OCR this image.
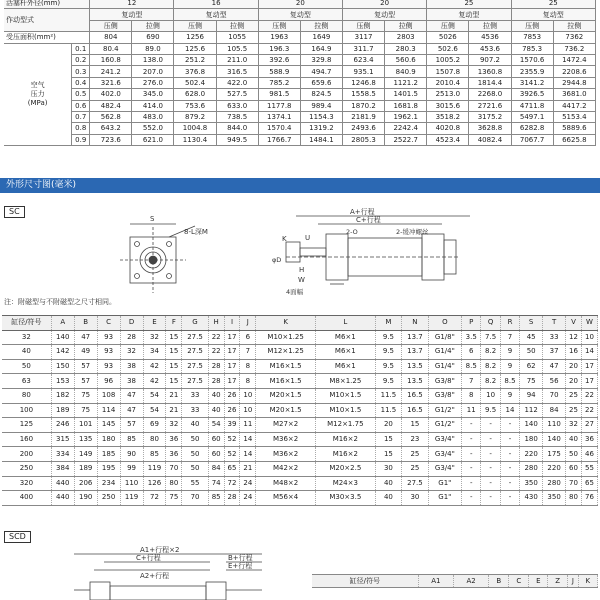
活塞杆外径(mm)		12		16		20		20		25		25	
作动型式		复动型		复动型		复动型		复动型		复动型		复动型	
		压侧	拉侧	压侧	拉侧	压侧	拉侧	压侧	拉侧	压侧	拉侧	压侧	拉侧
受压面积(mm²)		804	690	1256	1055	1963	1649	3117	2803	5026	4536	7853	7362

空气
压力
(MPa)	0.1	80.4	89.0	125.6	105.5	196.3	164.9	311.7	280.3	502.6	453.6	785.3	736.2
	0.2	160.8	138.0	251.2	211.0	392.6	329.8	623.4	560.6	1005.2	907.2	1570.6	1472.4
	0.3	241.2	207.0	376.8	316.5	588.9	494.7	935.1	840.9	1507.8	1360.8	2355.9	2208.6
	0.4	321.6	276.0	502.4	422.0	785.2	659.6	1246.8	1121.2	2010.4	1814.4	3141.2	2944.8
	0.5	402.0	345.0	628.0	527.5	981.5	824.5	1558.5	1401.5	2513.0	2268.0	3926.5	3681.0
	0.6	482.4	414.0	753.6	633.0	1177.8	989.4	1870.2	1681.8	3015.6	2721.6	4711.8	4417.2
	0.7	562.8	483.0	879.2	738.5	1374.1	1154.3	2181.9	1962.1	3518.2	3175.2	5497.1	5153.4
	0.8	643.2	552.0	1004.8	844.0	1570.4	1319.2	2493.6	2242.4	4020.8	3628.8	6282.8	5889.6
	0.9	723.6	621.0	1130.4	949.5	1766.7	1484.1	2805.3	2522.7	4523.4	4082.4	7067.7	6625.8
外形尺寸图(毫米)
SC
S
8-L深M
A+行程
C+行程
2-缓冲螺丝
K	U
2-O
H
W
4面幅
φD
注：附磁型与不附磁型之尺寸相同。
缸径/符号	A	B	C	D	E	F	G	H	I	J	K	L	M	N	O	P	Q	R	S	T	V	W
32	140	47	93	28	32	15	27.5	22	17	6	M10×1.25	M6×1	9.5	13.7	G1/8"	3.5	7.5	7	45	33	12	10
40	142	49	93	32	34	15	27.5	22	17	7	M12×1.25	M6×1	9.5	13.7	G1/4"	6	8.2	9	50	37	16	14
50	150	57	93	38	42	15	27.5	28	17	8	M16×1.5	M6×1	9.5	13.5	G1/4"	8.5	8.2	9	62	47	20	17
63	153	57	96	38	42	15	27.5	28	17	8	M16×1.5	M8×1.25	9.5	13.5	G3/8"	7	8.2	8.5	75	56	20	17
80	182	75	108	47	54	21	33	40	26	10	M20×1.5	M10×1.5	11.5	16.5	G3/8"	8	10	9	94	70	25	22
100	189	75	114	47	54	21	33	40	26	10	M20×1.5	M10×1.5	11.5	16.5	G1/2"	11	9.5	14	112	84	25	22
125	246	101	145	57	69	32	40	54	39	11	M27×2	M12×1.75	20	15	G1/2"	-	-	-	140	110	32	27
160	315	135	180	85	80	36	50	60	52	14	M36×2	M16×2	15	23	G3/4"	-	-	-	180	140	40	36
200	334	149	185	90	85	36	50	60	52	14	M36×2	M16×2	15	25	G3/4"	-	-	-	220	175	50	46
250	384	189	195	99	119	70	50	84	65	21	M42×2	M20×2.5	30	25	G3/4"	-	-	-	280	220	60	55
320	440	206	234	110	126	80	55	74	72	24	M48×2	M24×3	40	27.5	G1"	-	-	-	350	280	70	65
400	440	190	250	119	72	75	70	85	28	24	M56×4	M30×3.5	40	30	G1"	-	-	-	430	350	80	76
SCD
A1+行程×2
C+行程	B+行程
E+行程
A2+行程
缸径/符号	A1	A2	B	C	E	Z	J	K
